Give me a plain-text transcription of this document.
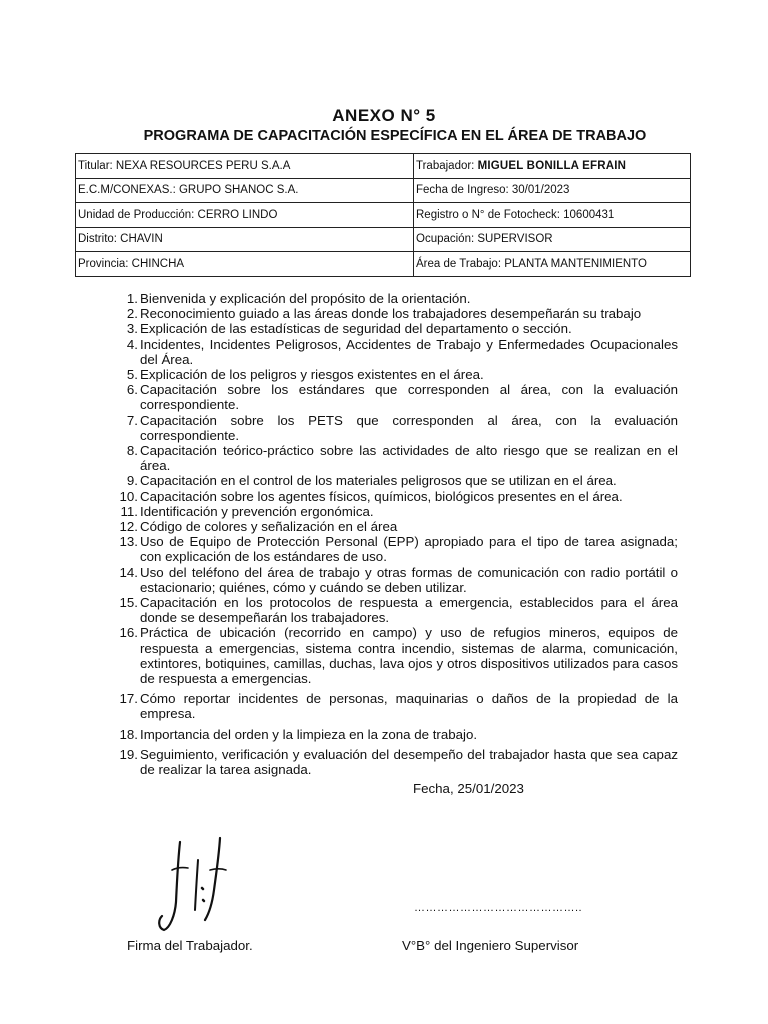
ANEXO N° 5
PROGRAMA DE CAPACITACIÓN ESPECÍFICA EN EL ÁREA DE TRABAJO
Titular: NEXA RESOURCES PERU S.A.A	Trabajador: MIGUEL BONILLA EFRAIN
E.C.M/CONEXAS.: GRUPO SHANOC S.A.	Fecha de Ingreso: 30/01/2023
Unidad de Producción: CERRO LINDO	Registro o N° de Fotocheck: 10600431
Distrito: CHAVIN	Ocupación: SUPERVISOR
Provincia: CHINCHA	Área de Trabajo: PLANTA MANTENIMIENTO
1. Bienvenida y explicación del propósito de la orientación.
2. Reconocimiento guiado a las áreas donde los trabajadores desempeñarán su trabajo
3. Explicación de las estadísticas de seguridad del departamento o sección.
4. Incidentes, Incidentes Peligrosos, Accidentes de Trabajo y Enfermedades Ocupacionales del Área.
5. Explicación de los peligros y riesgos existentes en el área.
6. Capacitación sobre los estándares que corresponden al área, con la evaluación correspondiente.
7. Capacitación sobre los PETS que corresponden al área, con la evaluación correspondiente.
8. Capacitación teórico-práctico sobre las actividades de alto riesgo que se realizan en el área.
9. Capacitación en el control de los materiales peligrosos que se utilizan en el área.
10. Capacitación sobre los agentes físicos, químicos, biológicos presentes en el área.
11. Identificación y prevención ergonómica.
12. Código de colores y señalización en el área
13. Uso de Equipo de Protección Personal (EPP) apropiado para el tipo de tarea asignada; con explicación de los estándares de uso.
14. Uso del teléfono del área de trabajo y otras formas de comunicación con radio portátil o estacionario; quiénes, cómo y cuándo se deben utilizar.
15. Capacitación en los protocolos de respuesta a emergencia, establecidos para el área donde se desempeñarán los trabajadores.
16. Práctica de ubicación (recorrido en campo) y uso de refugios mineros, equipos de respuesta a emergencias, sistema contra incendio, sistemas de alarma, comunicación, extintores, botiquines, camillas, duchas, lava ojos y otros dispositivos utilizados para casos de respuesta a emergencias.
17. Cómo reportar incidentes de personas, maquinarias o daños de la propiedad de la empresa.
18. Importancia del orden y la limpieza en la zona de trabajo.
19. Seguimiento, verificación y evaluación del desempeño del trabajador hasta que sea capaz de realizar la tarea asignada.
Fecha, 25/01/2023
……………………………………..
Firma del Trabajador.	V°B° del Ingeniero Supervisor
